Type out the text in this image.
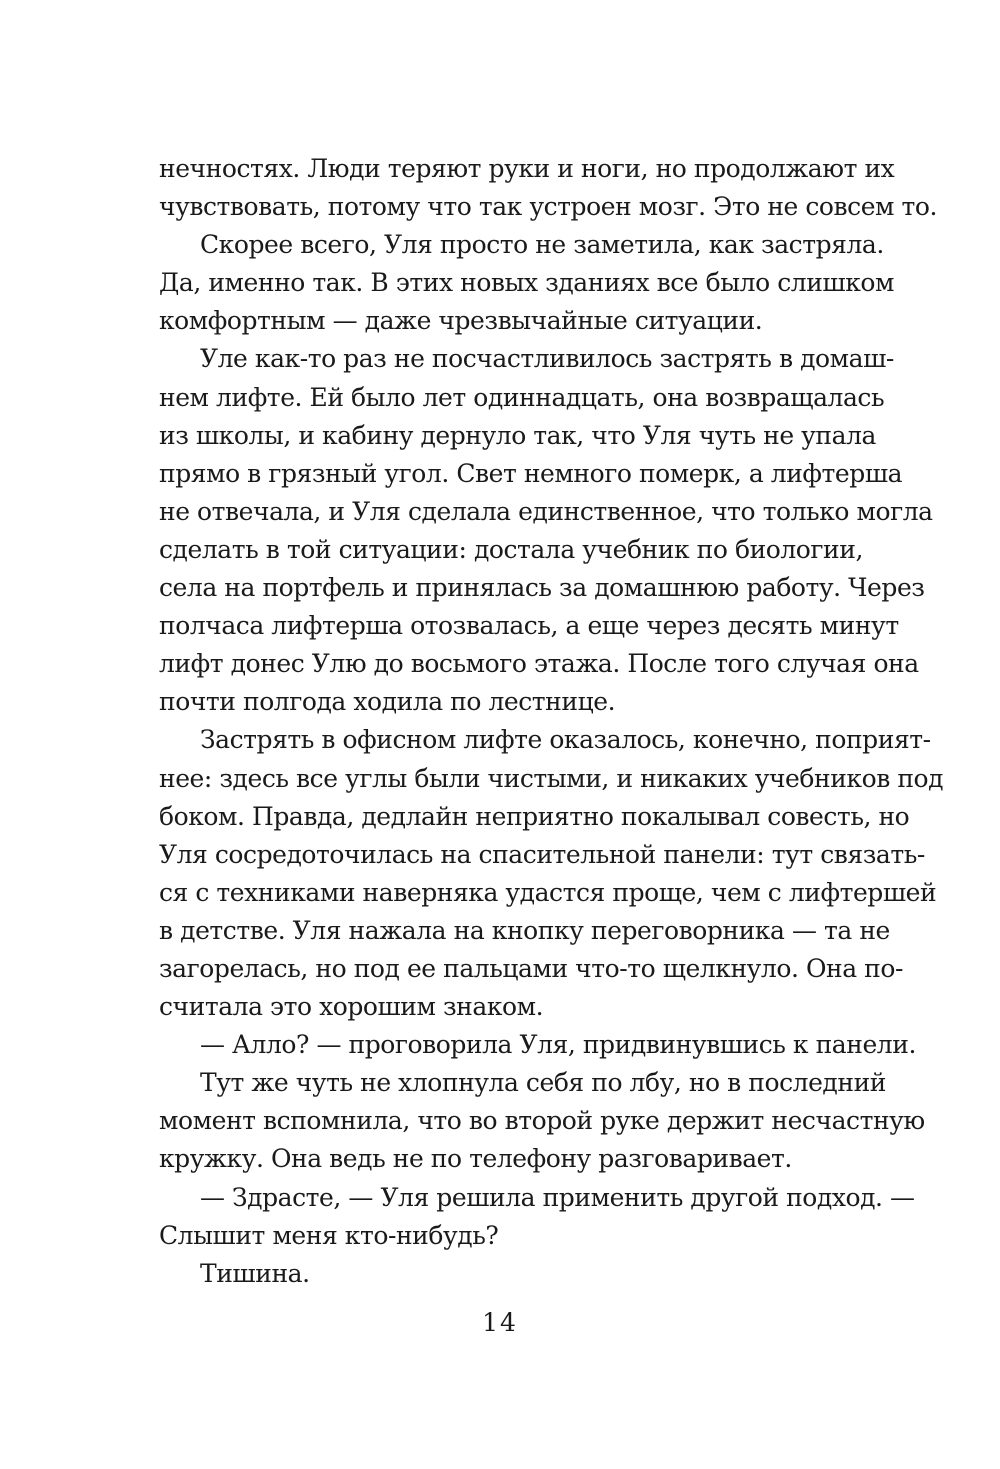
нечностях. Люди теряют руки и ноги, но продолжают их
чувствовать, потому что так устроен мозг. Это не совсем то.
Скорее всего, Уля просто не заметила, как застряла.
Да, именно так. В этих новых зданиях все было слишком
комфортным — даже чрезвычайные ситуации.
Уле как-то раз не посчастливилось застрять в домаш-
нем лифте. Ей было лет одиннадцать, она возвращалась
из школы, и кабину дернуло так, что Уля чуть не упала
прямо в грязный угол. Свет немного померк, а лифтерша
не отвечала, и Уля сделала единственное, что только могла
сделать в той ситуации: достала учебник по биологии,
села на портфель и принялась за домашнюю работу. Через
полчаса лифтерша отозвалась, а еще через десять минут
лифт донес Улю до восьмого этажа. После того случая она
почти полгода ходила по лестнице.
Застрять в офисном лифте оказалось, конечно, поприят-
нее: здесь все углы были чистыми, и никаких учебников под
боком. Правда, дедлайн неприятно покалывал совесть, но
Уля сосредоточилась на спасительной панели: тут связать-
ся с техниками наверняка удастся проще, чем с лифтершей
в детстве. Уля нажала на кнопку переговорника — та не
загорелась, но под ее пальцами что-то щелкнуло. Она по-
считала это хорошим знаком.
— Алло? — проговорила Уля, придвинувшись к панели.
Тут же чуть не хлопнула себя по лбу, но в последний
момент вспомнила, что во второй руке держит несчастную
кружку. Она ведь не по телефону разговаривает.
— Здрасте, — Уля решила применить другой подход. —
Слышит меня кто-нибудь?
Тишина.
14
